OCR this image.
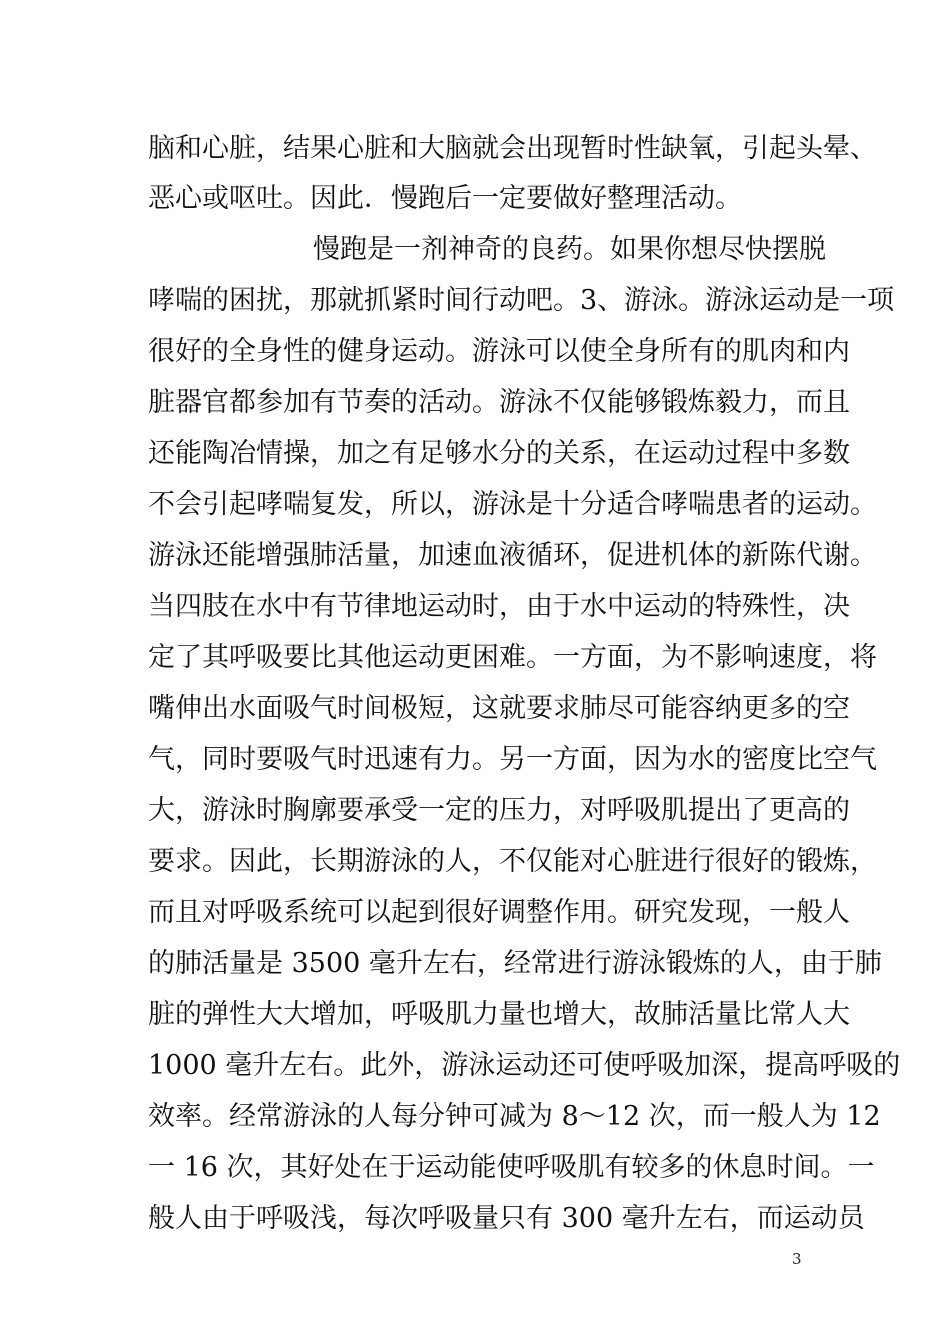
脑和心脏，结果心脏和大脑就会出现暂时性缺氧，引起头晕、
恶心或呕吐。因此．慢跑后一定要做好整理活动。
慢跑是一剂神奇的良药。如果你想尽快摆脱
哮喘的困扰，那就抓紧时间行动吧。3、游泳。游泳运动是一项
很好的全身性的健身运动。游泳可以使全身所有的肌肉和内
脏器官都参加有节奏的活动。游泳不仅能够锻炼毅力，而且
还能陶冶情操，加之有足够水分的关系，在运动过程中多数
不会引起哮喘复发，所以，游泳是十分适合哮喘患者的运动。
游泳还能增强肺活量，加速血液循环，促进机体的新陈代谢。
当四肢在水中有节律地运动时，由于水中运动的特殊性，决
定了其呼吸要比其他运动更困难。一方面，为不影响速度，将
嘴伸出水面吸气时间极短，这就要求肺尽可能容纳更多的空
气，同时要吸气时迅速有力。另一方面，因为水的密度比空气
大，游泳时胸廓要承受一定的压力，对呼吸肌提出了更高的
要求。因此，长期游泳的人，不仅能对心脏进行很好的锻炼，
而且对呼吸系统可以起到很好调整作用。研究发现，一般人
的肺活量是 3500 毫升左右，经常进行游泳锻炼的人，由于肺
脏的弹性大大增加，呼吸肌力量也增大，故肺活量比常人大
1000 毫升左右。此外，游泳运动还可使呼吸加深，提高呼吸的
效率。经常游泳的人每分钟可减为 8～12 次，而一般人为 12
一 16 次，其好处在于运动能使呼吸肌有较多的休息时间。一
般人由于呼吸浅，每次呼吸量只有 300 毫升左右，而运动员
3
